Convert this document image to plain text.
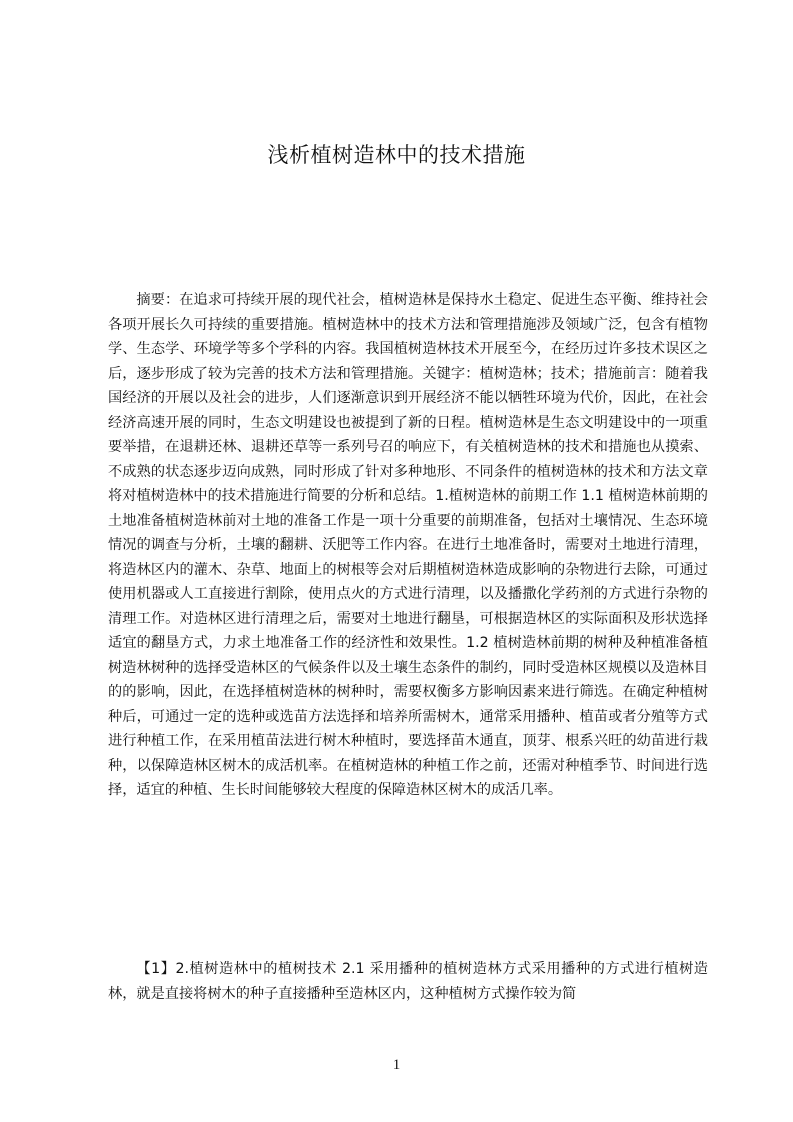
浅析植树造林中的技术措施

摘要：在追求可持续开展的现代社会，植树造林是保持水土稳定、促进生态平衡、维持社会各项开展长久可持续的重要措施。植树造林中的技术方法和管理措施涉及领域广泛，包含有植物学、生态学、环境学等多个学科的内容。我国植树造林技术开展至今，在经历过许多技术误区之后，逐步形成了较为完善的技术方法和管理措施。关键字：植树造林；技术；措施前言：随着我国经济的开展以及社会的进步，人们逐渐意识到开展经济不能以牺牲环境为代价，因此，在社会经济高速开展的同时，生态文明建设也被提到了新的日程。植树造林是生态文明建设中的一项重要举措，在退耕还林、退耕还草等一系列号召的响应下，有关植树造林的技术和措施也从摸索、不成熟的状态逐步迈向成熟，同时形成了针对多种地形、不同条件的植树造林的技术和方法文章将对植树造林中的技术措施进行简要的分析和总结。1.植树造林的前期工作 1.1 植树造林前期的土地准备植树造林前对土地的准备工作是一项十分重要的前期准备，包括对土壤情况、生态环境情况的调查与分析，土壤的翻耕、沃肥等工作内容。在进行土地准备时，需要对土地进行清理，将造林区内的灌木、杂草、地面上的树根等会对后期植树造林造成影响的杂物进行去除，可通过使用机器或人工直接进行割除，使用点火的方式进行清理，以及播撒化学药剂的方式进行杂物的清理工作。对造林区进行清理之后，需要对土地进行翻垦，可根据造林区的实际面积及形状选择适宜的翻垦方式，力求土地准备工作的经济性和效果性。1.2 植树造林前期的树种及种植准备植树造林树种的选择受造林区的气候条件以及土壤生态条件的制约，同时受造林区规模以及造林目的的影响，因此，在选择植树造林的树种时，需要权衡多方影响因素来进行筛选。在确定种植树种后，可通过一定的选种或选苗方法选择和培养所需树木，通常采用播种、植苗或者分殖等方式进行种植工作，在采用植苗法进行树木种植时，要选择苗木通直，顶芽、根系兴旺的幼苗进行栽种，以保障造林区树木的成活机率。在植树造林的种植工作之前，还需对种植季节、时间进行选择，适宜的种植、生长时间能够较大程度的保障造林区树木的成活几率。

【1】2.植树造林中的植树技术 2.1 采用播种的植树造林方式采用播种的方式进行植树造林，就是直接将树木的种子直接播种至造林区内，这种植树方式操作较为简

1
